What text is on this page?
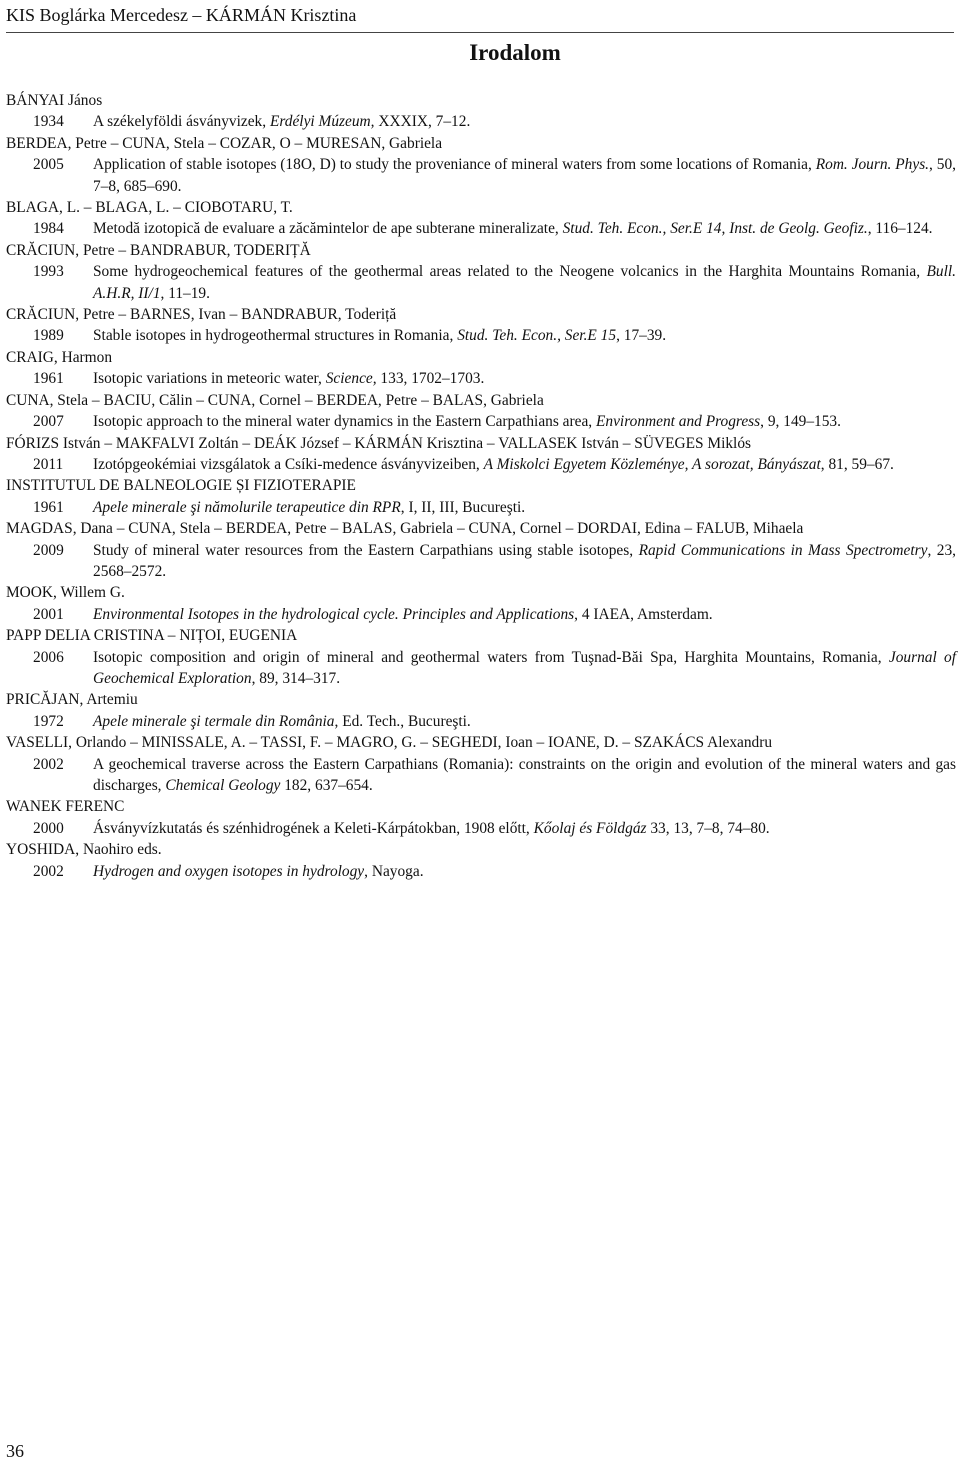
KIS Boglárka Mercedesz – KÁRMÁN Krisztina
Irodalom
BÁNYAI János
1934 A székelyföldi ásványvizek, Erdélyi Múzeum, XXXIX, 7–12.
BERDEA, Petre – CUNA, Stela – COZAR, O – MURESAN, Gabriela
2005 Application of stable isotopes (18O, D) to study the proveniance of mineral waters from some locations of Romania, Rom. Journ. Phys., 50, 7–8, 685–690.
BLAGA, L. – BLAGA, L. – CIOBOTARU, T.
1984 Metodă izotopică de evaluare a zăcămintelor de ape subterane mineralizate, Stud. Teh. Econ., Ser.E 14, Inst. de Geolg. Geofiz., 116–124.
CRĂCIUN, Petre – BANDRABUR, TODERIȚĂ
1993 Some hydrogeochemical features of the geothermal areas related to the Neogene volcanics in the Harghita Mountains Romania, Bull. A.H.R, II/1, 11–19.
CRĂCIUN, Petre – BARNES, Ivan – BANDRABUR, Toderiță
1989 Stable isotopes in hydrogeothermal structures in Romania, Stud. Teh. Econ., Ser.E 15, 17–39.
CRAIG, Harmon
1961 Isotopic variations in meteoric water, Science, 133, 1702–1703.
CUNA, Stela – BACIU, Călin – CUNA, Cornel – BERDEA, Petre – BALAS, Gabriela
2007 Isotopic approach to the mineral water dynamics in the Eastern Carpathians area, Environment and Progress, 9, 149–153.
FÓRIZS István – MAKFALVI Zoltán – DEÁK József – KÁRMÁN Krisztina – VALLASEK István – SÜVEGES Miklós
2011 Izotópgeokémiai vizsgálatok a Csíki-medence ásványvizeiben, A Miskolci Egyetem Közleménye, A sorozat, Bányászat, 81, 59–67.
INSTITUTUL DE BALNEOLOGIE ȘI FIZIOTERAPIE
1961 Apele minerale şi nămolurile terapeutice din RPR, I, II, III, Bucureşti.
MAGDAS, Dana – CUNA, Stela – BERDEA, Petre – BALAS, Gabriela – CUNA, Cornel – DORDAI, Edina – FALUB, Mihaela
2009 Study of mineral water resources from the Eastern Carpathians using stable isotopes, Rapid Communications in Mass Spectrometry, 23, 2568–2572.
MOOK, Willem G.
2001 Environmental Isotopes in the hydrological cycle. Principles and Applications, 4 IAEA, Amsterdam.
PAPP DELIA CRISTINA – NIȚOI, EUGENIA
2006 Isotopic composition and origin of mineral and geothermal waters from Tuşnad-Băi Spa, Harghita Mountains, Romania, Journal of Geochemical Exploration, 89, 314–317.
PRICĂJAN, Artemiu
1972 Apele minerale şi termale din România, Ed. Tech., Bucureşti.
VASELLI, Orlando – MINISSALE, A. – TASSI, F. – MAGRO, G. – SEGHEDI, Ioan – IOANE, D. – SZAKÁCS Alexandru
2002 A geochemical traverse across the Eastern Carpathians (Romania): constraints on the origin and evolution of the mineral waters and gas discharges, Chemical Geology 182, 637–654.
WANEK FERENC
2000 Ásványvízkutatás és szénhidrogének a Keleti-Kárpátokban, 1908 előtt, Kőolaj és Földgáz 33, 13, 7–8, 74–80.
YOSHIDA, Naohiro eds.
2002 Hydrogen and oxygen isotopes in hydrology, Nayoga.
36
